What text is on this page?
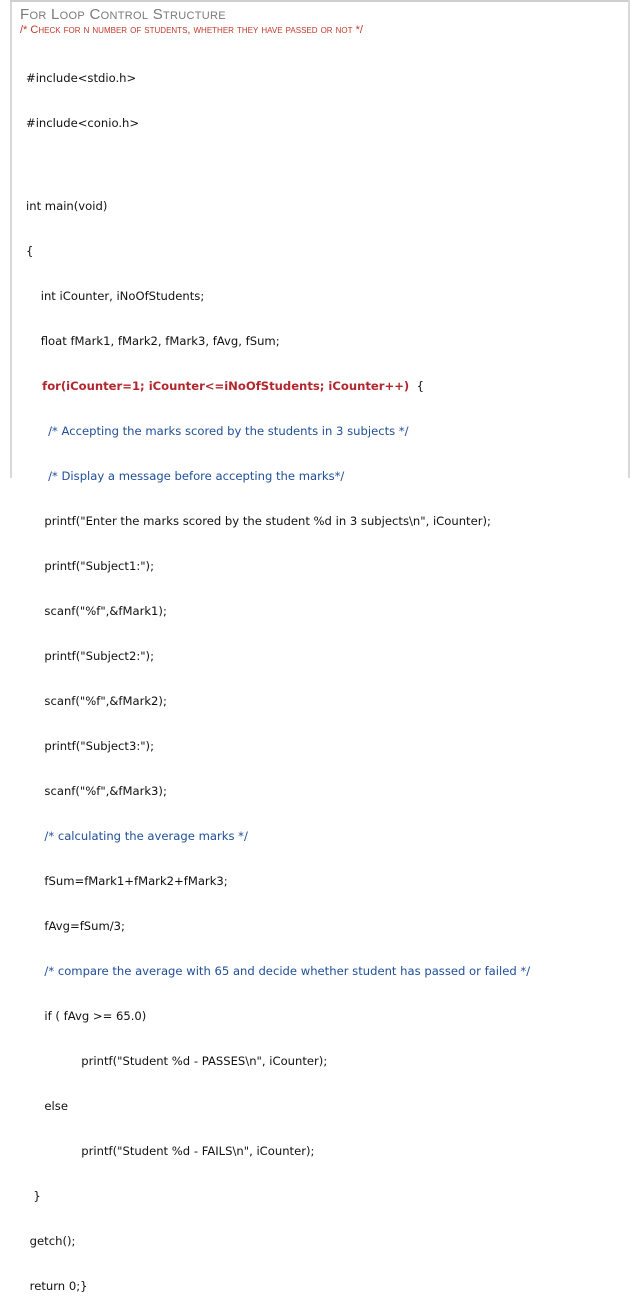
For Loop Control Structure
/* Check for n number of students, whether they have passed or not */

#include<stdio.h>

#include<conio.h>

int main(void)

{

int iCounter, iNoOfStudents;

float fMark1, fMark2, fMark3, fAvg, fSum;

for(iCounter=1; iCounter<=iNoOfStudents; iCounter++)  {

/* Accepting the marks scored by the students in 3 subjects */

/* Display a message before accepting the marks*/

printf("Enter the marks scored by the student %d in 3 subjects\n", iCounter);

printf("Subject1:");

scanf("%f",&fMark1);

printf("Subject2:");

scanf("%f",&fMark2);

printf("Subject3:");

scanf("%f",&fMark3);

/* calculating the average marks */

fSum=fMark1+fMark2+fMark3;

fAvg=fSum/3;

/* compare the average with 65 and decide whether student has passed or failed */

if ( fAvg >= 65.0)

printf("Student %d - PASSES\n", iCounter);

else

printf("Student %d - FAILS\n", iCounter);

}

getch();

return 0;}
